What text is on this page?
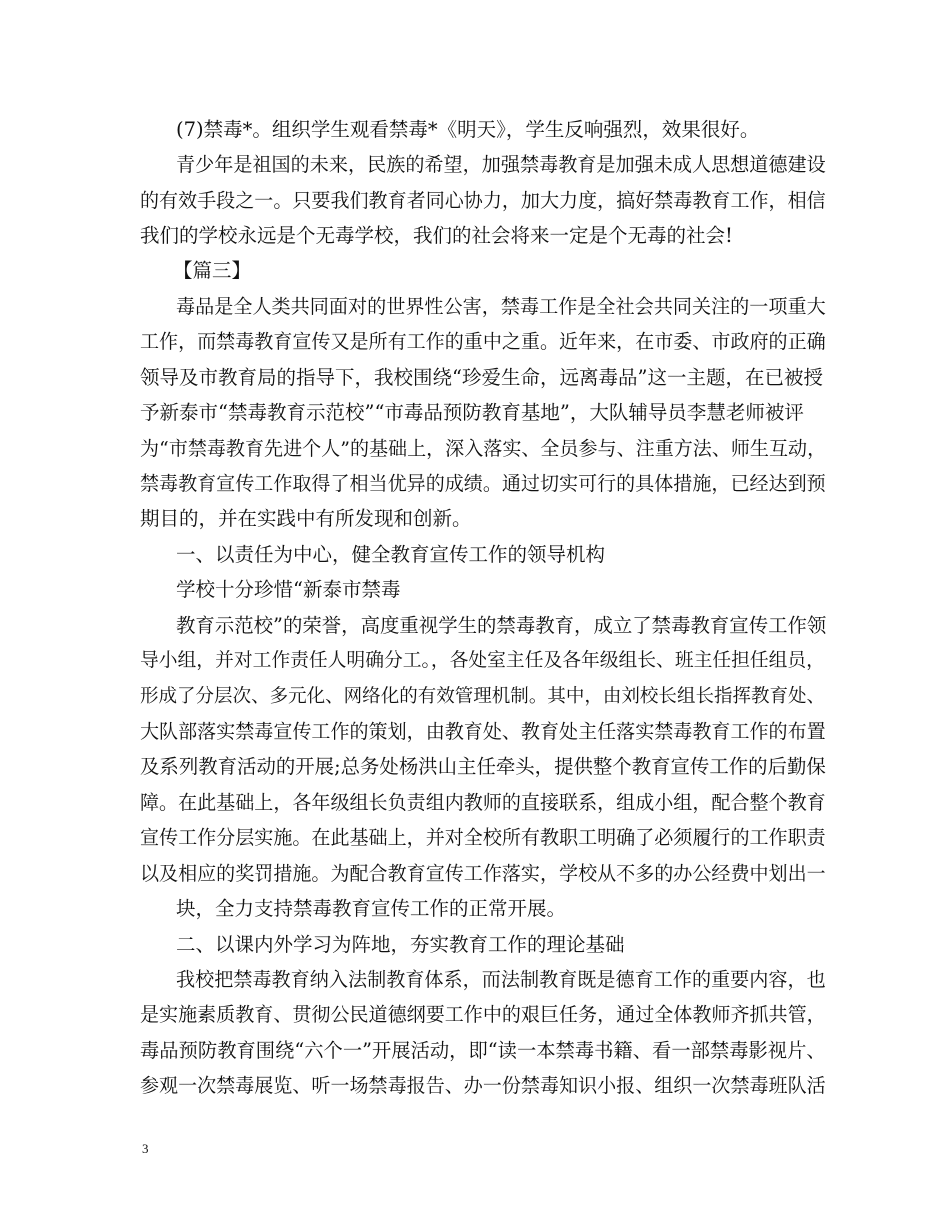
(7)禁毒*。组织学生观看禁毒*《明天》，学生反响强烈，效果很好。
青少年是祖国的未来，民族的希望，加强禁毒教育是加强未成人思想道德建设
的有效手段之一。只要我们教育者同心协力，加大力度，搞好禁毒教育工作，相信
我们的学校永远是个无毒学校，我们的社会将来一定是个无毒的社会!
【篇三】
毒品是全人类共同面对的世界性公害，禁毒工作是全社会共同关注的一项重大
工作，而禁毒教育宣传又是所有工作的重中之重。近年来，在市委、市政府的正确
领导及市教育局的指导下，我校围绕“珍爱生命，远离毒品”这一主题，在已被授
予新泰市“禁毒教育示范校”“市毒品预防教育基地”，大队辅导员李慧老师被评
为“市禁毒教育先进个人”的基础上，深入落实、全员参与、注重方法、师生互动，
禁毒教育宣传工作取得了相当优异的成绩。通过切实可行的具体措施，已经达到预
期目的，并在实践中有所发现和创新。
一、以责任为中心，健全教育宣传工作的领导机构
学校十分珍惜“新泰市禁毒
教育示范校”的荣誉，高度重视学生的禁毒教育，成立了禁毒教育宣传工作领
导小组，并对工作责任人明确分工。，各处室主任及各年级组长、班主任担任组员，
形成了分层次、多元化、网络化的有效管理机制。其中，由刘校长组长指挥教育处、
大队部落实禁毒宣传工作的策划，由教育处、教育处主任落实禁毒教育工作的布置
及系列教育活动的开展;总务处杨洪山主任牵头，提供整个教育宣传工作的后勤保
障。在此基础上，各年级组长负责组内教师的直接联系，组成小组，配合整个教育
宣传工作分层实施。在此基础上，并对全校所有教职工明确了必须履行的工作职责
以及相应的奖罚措施。为配合教育宣传工作落实，学校从不多的办公经费中划出一
块，全力支持禁毒教育宣传工作的正常开展。
二、以课内外学习为阵地，夯实教育工作的理论基础
我校把禁毒教育纳入法制教育体系，而法制教育既是德育工作的重要内容，也
是实施素质教育、贯彻公民道德纲要工作中的艰巨任务，通过全体教师齐抓共管，
毒品预防教育围绕“六个一”开展活动，即“读一本禁毒书籍、看一部禁毒影视片、
参观一次禁毒展览、听一场禁毒报告、办一份禁毒知识小报、组织一次禁毒班队活
3
